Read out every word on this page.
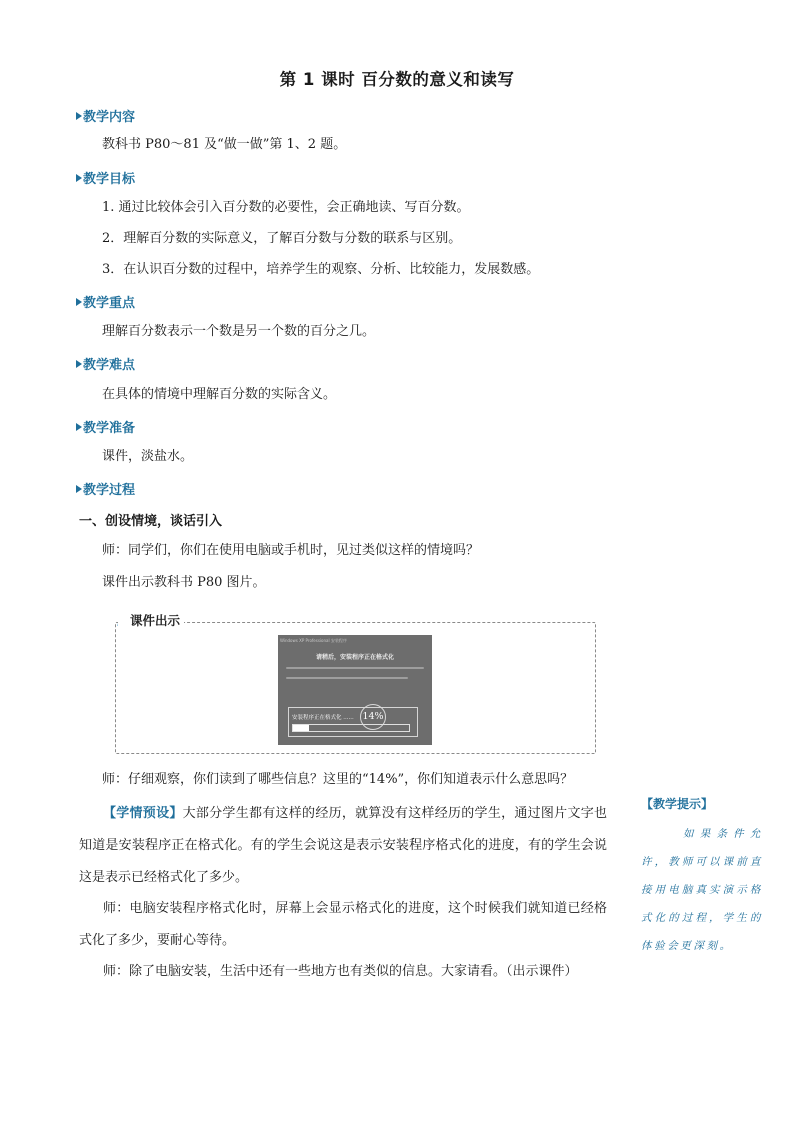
第 1 课时 百分数的意义和读写
教学内容
教科书 P80～81 及“做一做”第 1、2 题。
教学目标
1. 通过比较体会引入百分数的必要性，会正确地读、写百分数。
2．理解百分数的实际意义，了解百分数与分数的联系与区别。
3．在认识百分数的过程中，培养学生的观察、分析、比较能力，发展数感。
教学重点
理解百分数表示一个数是另一个数的百分之几。
教学难点
在具体的情境中理解百分数的实际含义。
教学准备
课件，淡盐水。
教学过程
一、创设情境，谈话引入
师：同学们，你们在使用电脑或手机时，见过类似这样的情境吗？
课件出示教科书 P80 图片。
课件出示
Windows XP Professional 安装程序
请稍后，安装程序正在格式化
安装程序正在格式化 ...... 14%
师：仔细观察，你们读到了哪些信息？这里的“14%”，你们知道表示什么意思吗？
【学情预设】大部分学生都有这样的经历，就算没有这样经历的学生，通过图片文字也知道是安装程序正在格式化。有的学生会说这是表示安装程序格式化的进度，有的学生会说这是表示已经格式化了多少。
师：电脑安装程序格式化时，屏幕上会显示格式化的进度，这个时候我们就知道已经格式化了多少，要耐心等待。
师：除了电脑安装，生活中还有一些地方也有类似的信息。大家请看。（出示课件）
【教学提示】
如果条件允许，教师可以课前直接用电脑真实演示格式化的过程，学生的体验会更深刻。
